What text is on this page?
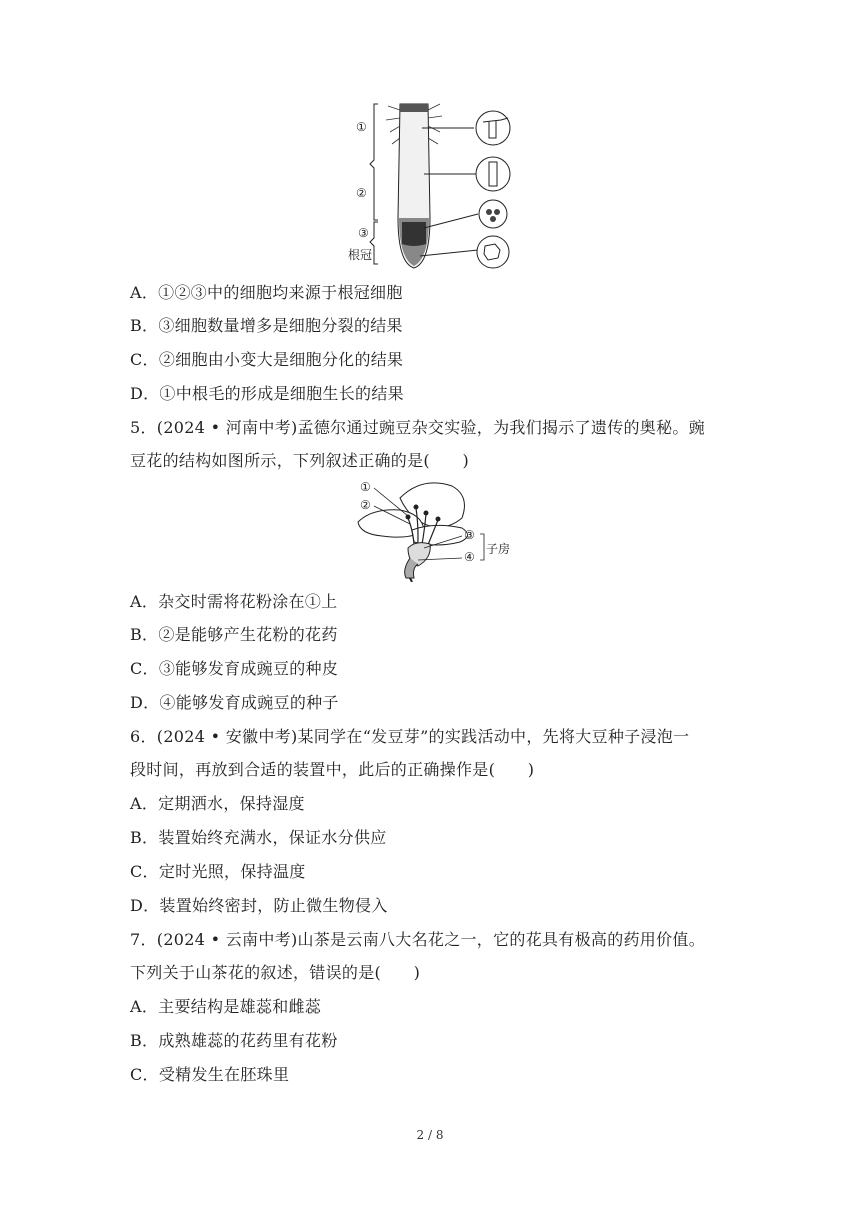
①
②
③
根冠
A．①②③中的细胞均来源于根冠细胞
B．③细胞数量增多是细胞分裂的结果
C．②细胞由小变大是细胞分化的结果
D．①中根毛的形成是细胞生长的结果
5．(2024 • 河南中考)孟德尔通过豌豆杂交实验，为我们揭示了遗传的奥秘。豌
豆花的结构如图所示，下列叙述正确的是(　　)
①
②
③
④
子房
A．杂交时需将花粉涂在①上
B．②是能够产生花粉的花药
C．③能够发育成豌豆的种皮
D．④能够发育成豌豆的种子
6．(2024 • 安徽中考)某同学在“发豆芽”的实践活动中，先将大豆种子浸泡一
段时间，再放到合适的装置中，此后的正确操作是(　　)
A．定期洒水，保持湿度
B．装置始终充满水，保证水分供应
C．定时光照，保持温度
D．装置始终密封，防止微生物侵入
7．(2024 • 云南中考)山茶是云南八大名花之一，它的花具有极高的药用价值。
下列关于山茶花的叙述，错误的是(　　)
A．主要结构是雄蕊和雌蕊
B．成熟雄蕊的花药里有花粉
C．受精发生在胚珠里
2 / 8
